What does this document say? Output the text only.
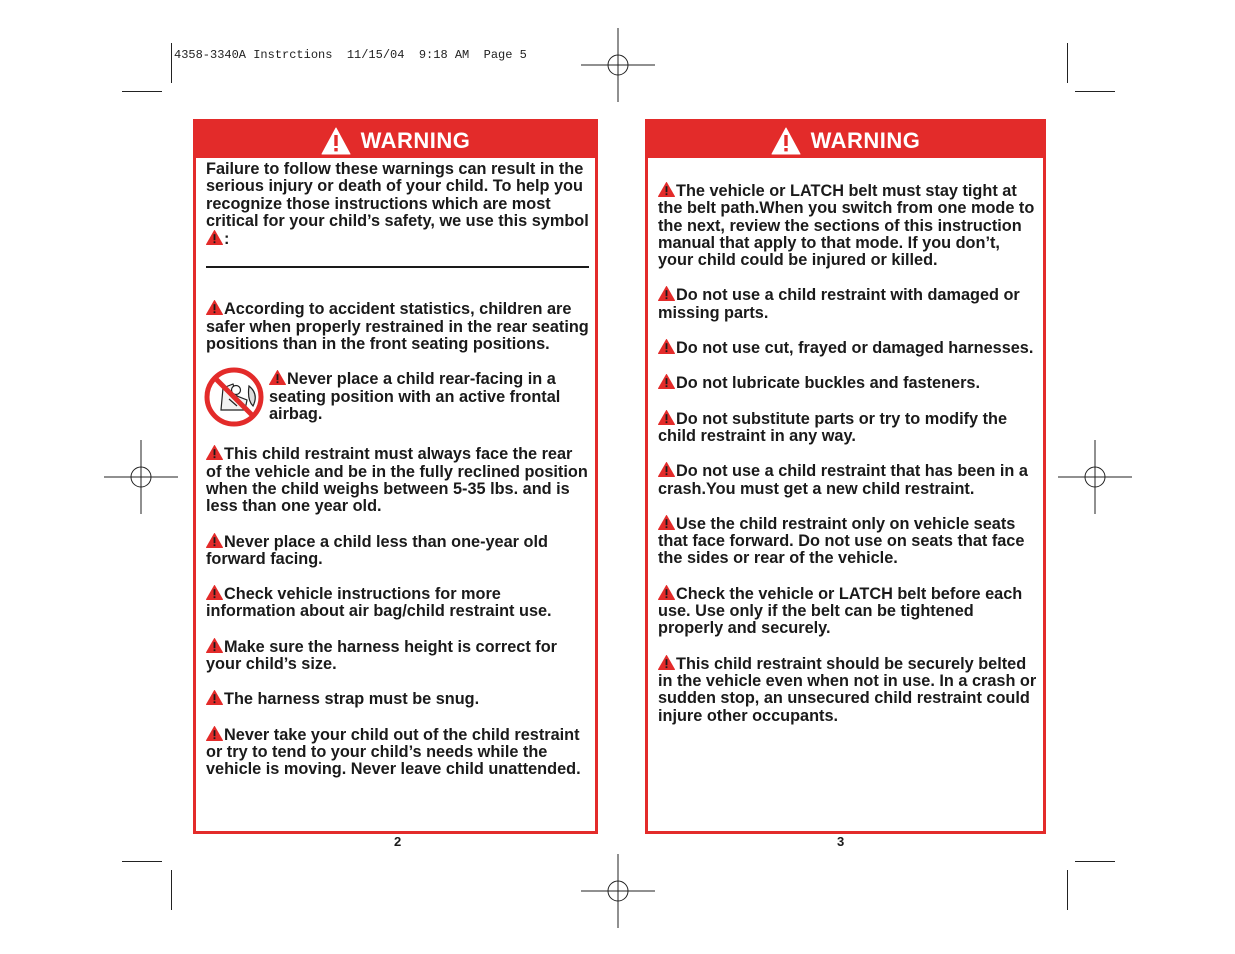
4358-3340A Instrctions  11/15/04  9:18 AM  Page 5
WARNING

Failure to follow these warnings can result in the serious injury or death of your child. To help you recognize those instructions which are most critical for your child’s safety, we use this symbol:

According to accident statistics, children are safer when properly restrained in the rear seating positions than in the front seating positions.

Never place a child rear-facing in a seating position with an active frontal airbag.

This child restraint must always face the rear of the vehicle and be in the fully reclined position when the child weighs between 5-35 lbs. and is less than one year old.

Never place a child less than one-year old forward facing.

Check vehicle instructions for more information about air bag/child restraint use.

Make sure the harness height is correct for your child’s size.

The harness strap must be snug.

Never take your child out of the child restraint or try to tend to your child’s needs while the vehicle is moving. Never leave child unattended.

2
WARNING

The vehicle or LATCH belt must stay tight at the belt path.When you switch from one mode to the next, review the sections of this instruction manual that apply to that mode. If you don’t, your child could be injured or killed.

Do not use a child restraint with damaged or missing parts.

Do not use cut, frayed or damaged harnesses.

Do not lubricate buckles and fasteners.

Do not substitute parts or try to modify the child restraint in any way.

Do not use a child restraint that has been in a crash.You must get a new child restraint.

Use the child restraint only on vehicle seats that face forward. Do not use on seats that face the sides or rear of the vehicle.

Check the vehicle or LATCH belt before each use. Use only if the belt can be tightened properly and securely.

This child restraint should be securely belted in the vehicle even when not in use. In a crash or sudden stop, an unsecured child restraint could injure other occupants.

3
